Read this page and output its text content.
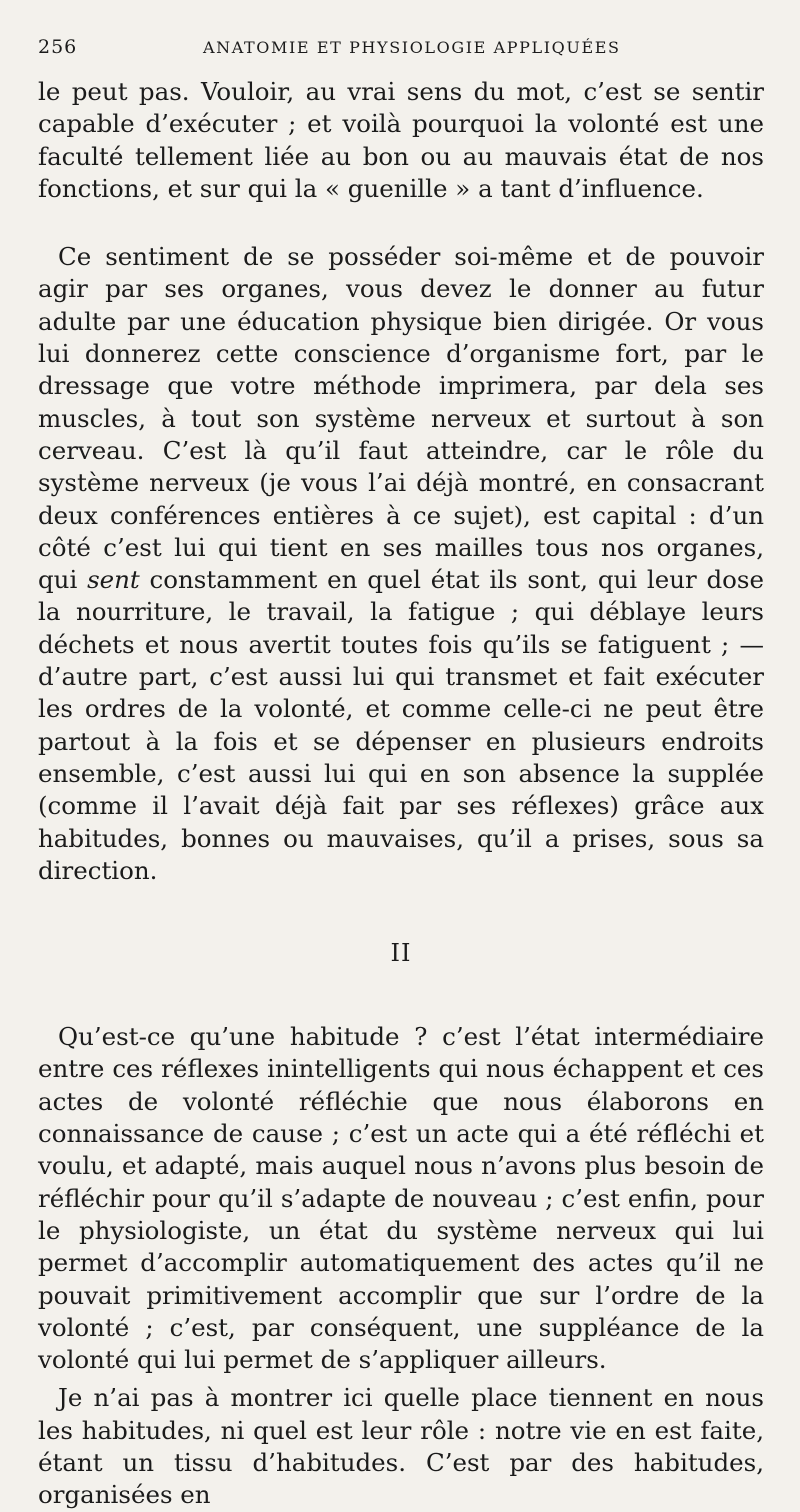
256	ANATOMIE ET PHYSIOLOGIE APPLIQUÉES

le peut pas. Vouloir, au vrai sens du mot, c’est se sentir capable d’exécuter ; et voilà pourquoi la volonté est une faculté tellement liée au bon ou au mauvais état de nos fonctions, et sur qui la « guenille » a tant d’influence.

Ce sentiment de se posséder soi-même et de pouvoir agir par ses organes, vous devez le donner au futur adulte par une éducation physique bien dirigée. Or vous lui donnerez cette conscience d’organisme fort, par le dressage que votre méthode imprimera, par dela ses muscles, à tout son système nerveux et surtout à son cerveau. C’est là qu’il faut atteindre, car le rôle du système nerveux (je vous l’ai déjà montré, en consacrant deux conférences entières à ce sujet), est capital : d’un côté c’est lui qui tient en ses mailles tous nos organes, qui sent constamment en quel état ils sont, qui leur dose la nourriture, le travail, la fatigue ; qui déblaye leurs déchets et nous avertit toutes fois qu’ils se fatiguent ; — d’autre part, c’est aussi lui qui transmet et fait exécuter les ordres de la volonté, et comme celle-ci ne peut être partout à la fois et se dépenser en plusieurs endroits ensemble, c’est aussi lui qui en son absence la supplée (comme il l’avait déjà fait par ses réflexes) grâce aux habitudes, bonnes ou mauvaises, qu’il a prises, sous sa direction.

II

Qu’est-ce qu’une habitude ? c’est l’état intermédiaire entre ces réflexes inintelligents qui nous échappent et ces actes de volonté réfléchie que nous élaborons en connaissance de cause ; c’est un acte qui a été réfléchi et voulu, et adapté, mais auquel nous n’avons plus besoin de réfléchir pour qu’il s’adapte de nouveau ; c’est enfin, pour le physiologiste, un état du système nerveux qui lui permet d’accomplir automatiquement des actes qu’il ne pouvait primitivement accomplir que sur l’ordre de la volonté ; c’est, par conséquent, une suppléance de la volonté qui lui permet de s’appliquer ailleurs.

Je n’ai pas à montrer ici quelle place tiennent en nous les habitudes, ni quel est leur rôle : notre vie en est faite, étant un tissu d’habitudes. C’est par des habitudes, organisées en
